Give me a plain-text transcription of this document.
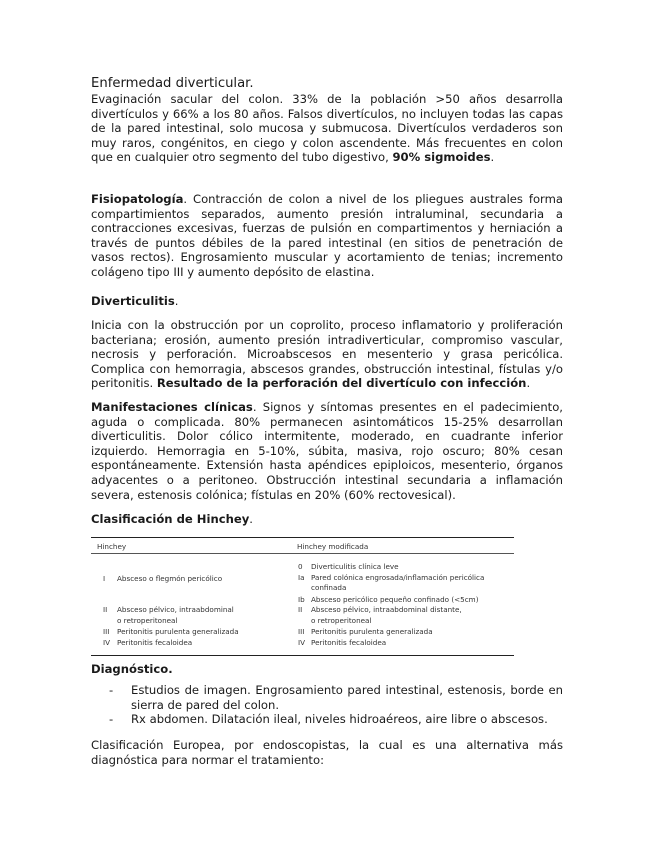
Enfermedad diverticular.

Evaginación sacular del colon. 33% de la población >50 años desarrolla divertículos y 66% a los 80 años. Falsos divertículos, no incluyen todas las capas de la pared intestinal, solo mucosa y submucosa. Divertículos verdaderos son muy raros, congénitos, en ciego y colon ascendente. Más frecuentes en colon que en cualquier otro segmento del tubo digestivo, 90% sigmoides.

Fisiopatología. Contracción de colon a nivel de los pliegues australes forma compartimientos separados, aumento presión intraluminal, secundaria a contracciones excesivas, fuerzas de pulsión en compartimentos y herniación a través de puntos débiles de la pared intestinal (en sitios de penetración de vasos rectos). Engrosamiento muscular y acortamiento de tenias; incremento colágeno tipo III y aumento depósito de elastina.

Diverticulitis.

Inicia con la obstrucción por un coprolito, proceso inflamatorio y proliferación bacteriana; erosión, aumento presión intradiverticular, compromiso vascular, necrosis y perforación. Microabscesos en mesenterio y grasa pericólica. Complica con hemorragia, abscesos grandes, obstrucción intestinal, fístulas y/o peritonitis. Resultado de la perforación del divertículo con infección.

Manifestaciones clínicas. Signos y síntomas presentes en el padecimiento, aguda o complicada. 80% permanecen asintomáticos 15-25% desarrollan diverticulitis. Dolor cólico intermitente, moderado, en cuadrante inferior izquierdo. Hemorragia en 5-10%, súbita, masiva, rojo oscuro; 80% cesan espontáneamente. Extensión hasta apéndices epiploicos, mesenterio, órganos adyacentes o a peritoneo. Obstrucción intestinal secundaria a inflamación severa, estenosis colónica; fístulas en 20% (60% rectovesical).

Clasificación de Hinchey.

Hinchey	Hinchey modificada
I Absceso o flegmón pericólico
II Absceso pélvico, intraabdominal
o retroperitoneal
III Peritonitis purulenta generalizada
IV Peritonitis fecaloidea
0 Diverticulitis clínica leve
Ia Pared colónica engrosada/inflamación pericólica
confinada
Ib Absceso pericólico pequeño confinado (<5cm)
II Absceso pélvico, intraabdominal distante,
o retroperitoneal
III Peritonitis purulenta generalizada
IV Peritonitis fecaloidea
Diagnóstico.

- Estudios de imagen. Engrosamiento pared intestinal, estenosis, borde en sierra de pared del colon.

- Rx abdomen. Dilatación ileal, niveles hidroaéreos, aire libre o abscesos.

Clasificación Europea, por endoscopistas, la cual es una alternativa más diagnóstica para normar el tratamiento:
